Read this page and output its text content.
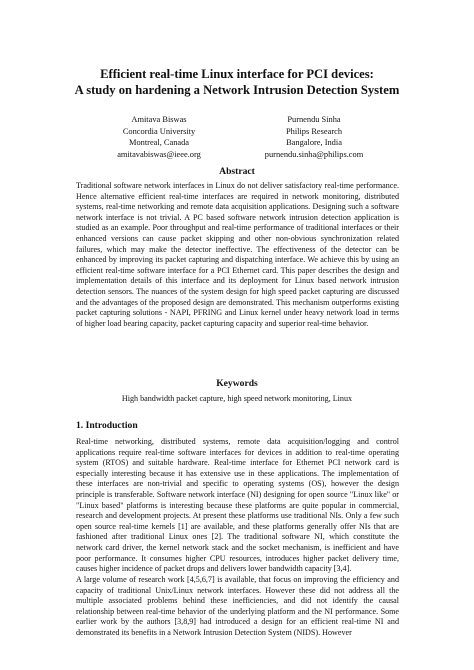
Efficient real-time Linux interface for PCI devices:
A study on hardening a Network Intrusion Detection System
Amitava Biswas
Concordia University
Montreal, Canada
amitavabiswas@ieee.org
Purnendu Sinha
Philips Research
Bangalore, India
purnendu.sinha@philips.com
Abstract

Traditional software network interfaces in Linux do not deliver satisfactory real-time performance. Hence alternative efficient real-time interfaces are required in network monitoring, distributed systems, real-time networking and remote data acquisition applications. Designing such a software network interface is not trivial. A PC based software network intrusion detection application is studied as an example. Poor throughput and real-time performance of traditional interfaces or their enhanced versions can cause packet skipping and other non-obvious synchronization related failures, which may make the detector ineffective. The effectiveness of the detector can be enhanced by improving its packet capturing and dispatching interface. We achieve this by using an efficient real-time software interface for a PCI Ethernet card. This paper describes the design and implementation details of this interface and its deployment for Linux based network intrusion detection sensors. The nuances of the system design for high speed packet capturing are discussed and the advantages of the proposed design are demonstrated. This mechanism outperforms existing packet capturing solutions - NAPI, PFRING and Linux kernel under heavy network load in terms of higher load bearing capacity, packet capturing capacity and superior real-time behavior.

Keywords
High bandwidth packet capture, high speed network monitoring, Linux
1. Introduction

Real-time networking, distributed systems, remote data acquisition/logging and control applications require real-time software interfaces for devices in addition to real-time operating system (RTOS) and suitable hardware. Real-time interface for Ethernet PCI network card is especially interesting because it has extensive use in these applications. The implementation of these interfaces are non-trivial and specific to operating systems (OS), however the design principle is transferable. Software network interface (NI) designing for open source "Linux like" or "Linux based" platforms is interesting because these platforms are quite popular in commercial, research and development projects. At present these platforms use traditional NIs. Only a few such open source real-time kernels [1] are available, and these platforms generally offer NIs that are fashioned after traditional Linux ones [2]. The traditional software NI, which constitute the network card driver, the kernel network stack and the socket mechanism, is inefficient and have poor performance. It consumes higher CPU resources, introduces higher packet delivery time, causes higher incidence of packet drops and delivers lower bandwidth capacity [3,4].

A large volume of research work [4,5,6,7] is available, that focus on improving the efficiency and capacity of traditional Unix/Linux network interfaces. However these did not address all the multiple associated problems behind these inefficiencies, and did not identify the causal relationship between real-time behavior of the underlying platform and the NI performance. Some earlier work by the authors [3,8,9] had introduced a design for an efficient real-time NI and demonstrated its benefits in a Network Intrusion Detection System (NIDS). However
